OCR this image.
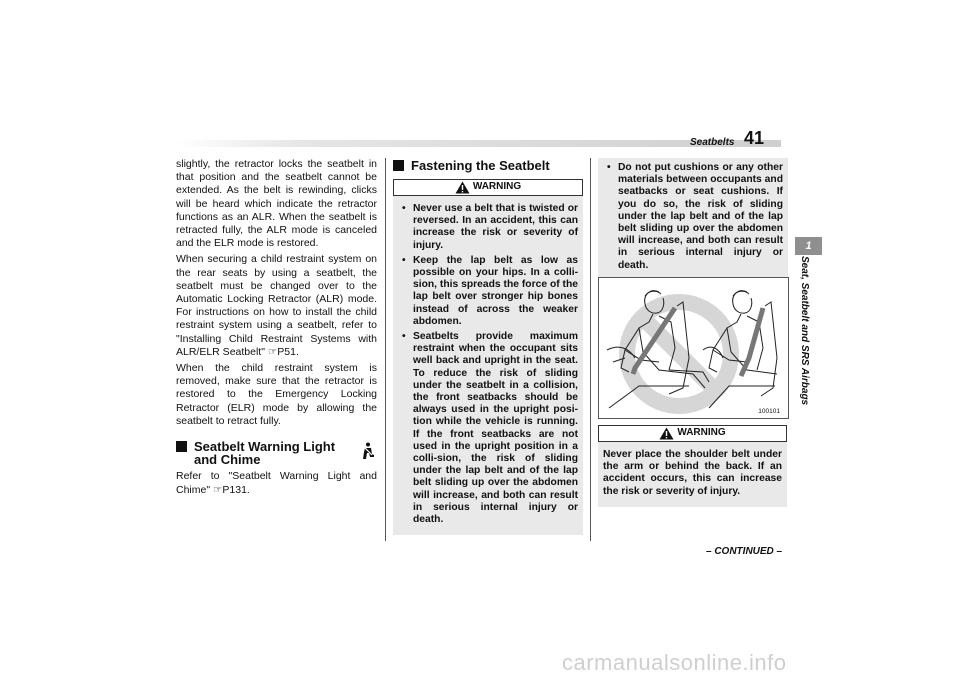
Seatbelts 41
1
Seat, Seatbelt and SRS Airbags

slightly, the retractor locks the seatbelt in that position and the seatbelt cannot be extended. As the belt is rewinding, clicks will be heard which indicate the retractor functions as an ALR. When the seatbelt is retracted fully, the ALR mode is canceled and the ELR mode is restored.

When securing a child restraint system on the rear seats by using a seatbelt, the seatbelt must be changed over to the Automatic Locking Retractor (ALR) mode. For instructions on how to install the child restraint system using a seatbelt, refer to "Installing Child Restraint Systems with ALR/ELR Seatbelt" ☞P51.

When the child restraint system is removed, make sure that the retractor is restored to the Emergency Locking Retractor (ELR) mode by allowing the seatbelt to retract fully.

Seatbelt Warning Light
and Chime

Refer to "Seatbelt Warning Light and Chime" ☞P131.

Fastening the Seatbelt
WARNING
• Never use a belt that is twisted or reversed. In an accident, this can increase the risk or severity of injury.
• Keep the lap belt as low as possible on your hips. In a colli-sion, this spreads the force of the lap belt over stronger hip bones instead of across the weaker abdomen.
• Seatbelts provide maximum restraint when the occupant sits well back and upright in the seat. To reduce the risk of sliding under the seatbelt in a collision, the front seatbacks should be always used in the upright posi-tion while the vehicle is running. If the front seatbacks are not used in the upright position in a colli-sion, the risk of sliding under the lap belt and of the lap belt sliding up over the abdomen will increase, and both can result in serious internal injury or death.
• Do not put cushions or any other materials between occupants and seatbacks or seat cushions. If you do so, the risk of sliding under the lap belt and of the lap belt sliding up over the abdomen will increase, and both can result in serious internal injury or death.
100101
WARNING

Never place the shoulder belt under the arm or behind the back. If an accident occurs, this can increase the risk or severity of injury.

– CONTINUED –
carmanualsonline.info
